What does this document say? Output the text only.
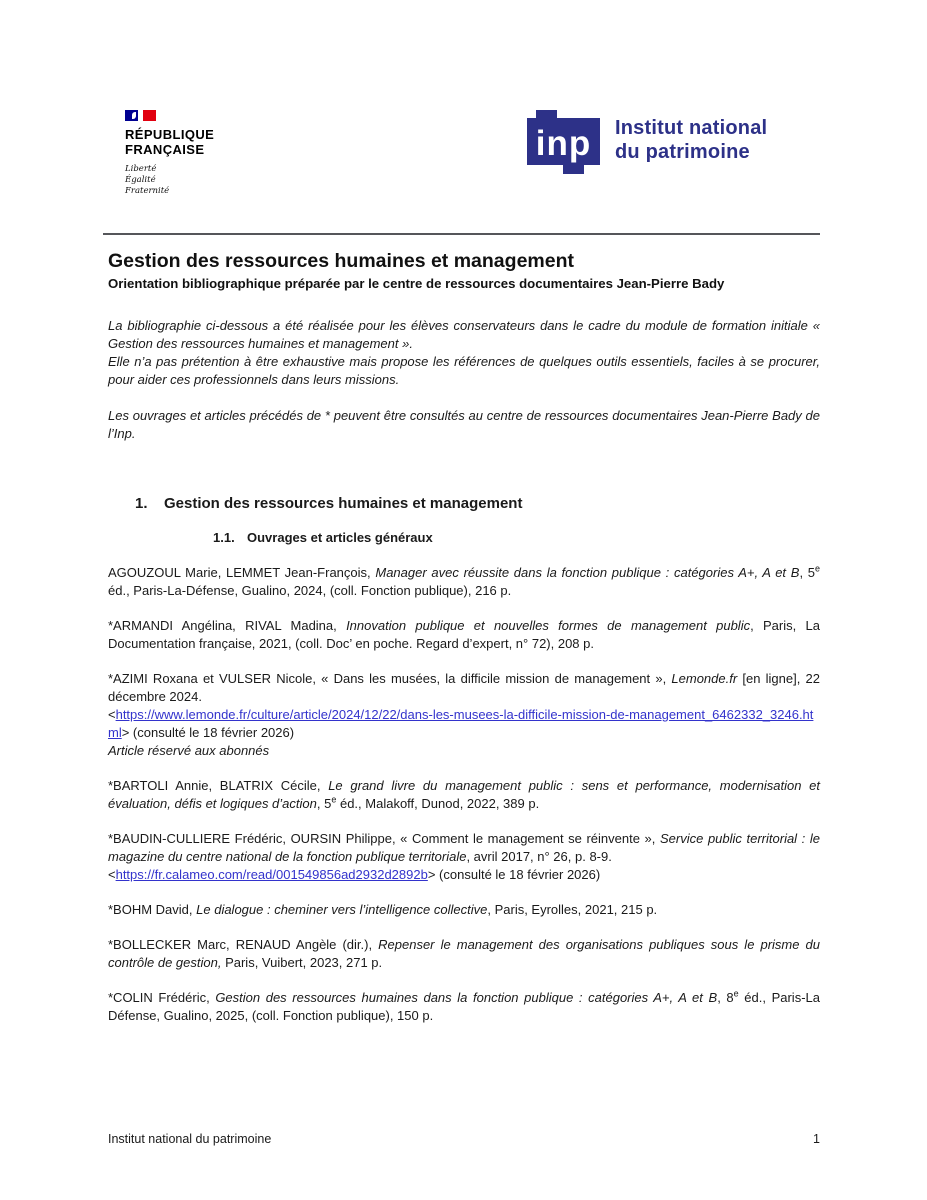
RÉPUBLIQUE
FRANÇAISE
Liberté
Égalité
Fraternité
inp Institut national
du patrimoine
Gestion des ressources humaines et management
Orientation bibliographique préparée par le centre de ressources documentaires Jean-Pierre Bady

La bibliographie ci-dessous a été réalisée pour les élèves conservateurs dans le cadre du module de formation initiale « Gestion des ressources humaines et management ».

Elle n’a pas prétention à être exhaustive mais propose les références de quelques outils essentiels, faciles à se procurer, pour aider ces professionnels dans leurs missions.

Les ouvrages et articles précédés de * peuvent être consultés au centre de ressources documentaires Jean-Pierre Bady de l’Inp.

1. Gestion des ressources humaines et management
1.1. Ouvrages et articles généraux

AGOUZOUL Marie, LEMMET Jean-François, Manager avec réussite dans la fonction publique : catégories A+, A et B, 5e éd., Paris-La-Défense, Gualino, 2024, (coll. Fonction publique), 216 p.

*ARMANDI Angélina, RIVAL Madina, Innovation publique et nouvelles formes de management public, Paris, La Documentation française, 2021, (coll. Doc’ en poche. Regard d’expert, n° 72), 208 p.

*AZIMI Roxana et VULSER Nicole, « Dans les musées, la difficile mission de management », Lemonde.fr [en ligne], 22 décembre 2024.
<https://www.lemonde.fr/culture/article/2024/12/22/dans-les-musees-la-difficile-mission-de-management_6462332_3246.html> (consulté le 18 février 2026)
Article réservé aux abonnés

*BARTOLI Annie, BLATRIX Cécile, Le grand livre du management public : sens et performance, modernisation et évaluation, défis et logiques d’action, 5e éd., Malakoff, Dunod, 2022, 389 p.

*BAUDIN-CULLIERE Frédéric, OURSIN Philippe, « Comment le management se réinvente », Service public territorial : le magazine du centre national de la fonction publique territoriale, avril 2017, n° 26, p. 8-9.
<https://fr.calameo.com/read/001549856ad2932d2892b> (consulté le 18 février 2026)

*BOHM David, Le dialogue : cheminer vers l’intelligence collective, Paris, Eyrolles, 2021, 215 p.

*BOLLECKER Marc, RENAUD Angèle (dir.), Repenser le management des organisations publiques sous le prisme du contrôle de gestion, Paris, Vuibert, 2023, 271 p.

*COLIN Frédéric, Gestion des ressources humaines dans la fonction publique : catégories A+, A et B, 8e éd., Paris-La Défense, Gualino, 2025, (coll. Fonction publique), 150 p.

Institut national du patrimoine	1
